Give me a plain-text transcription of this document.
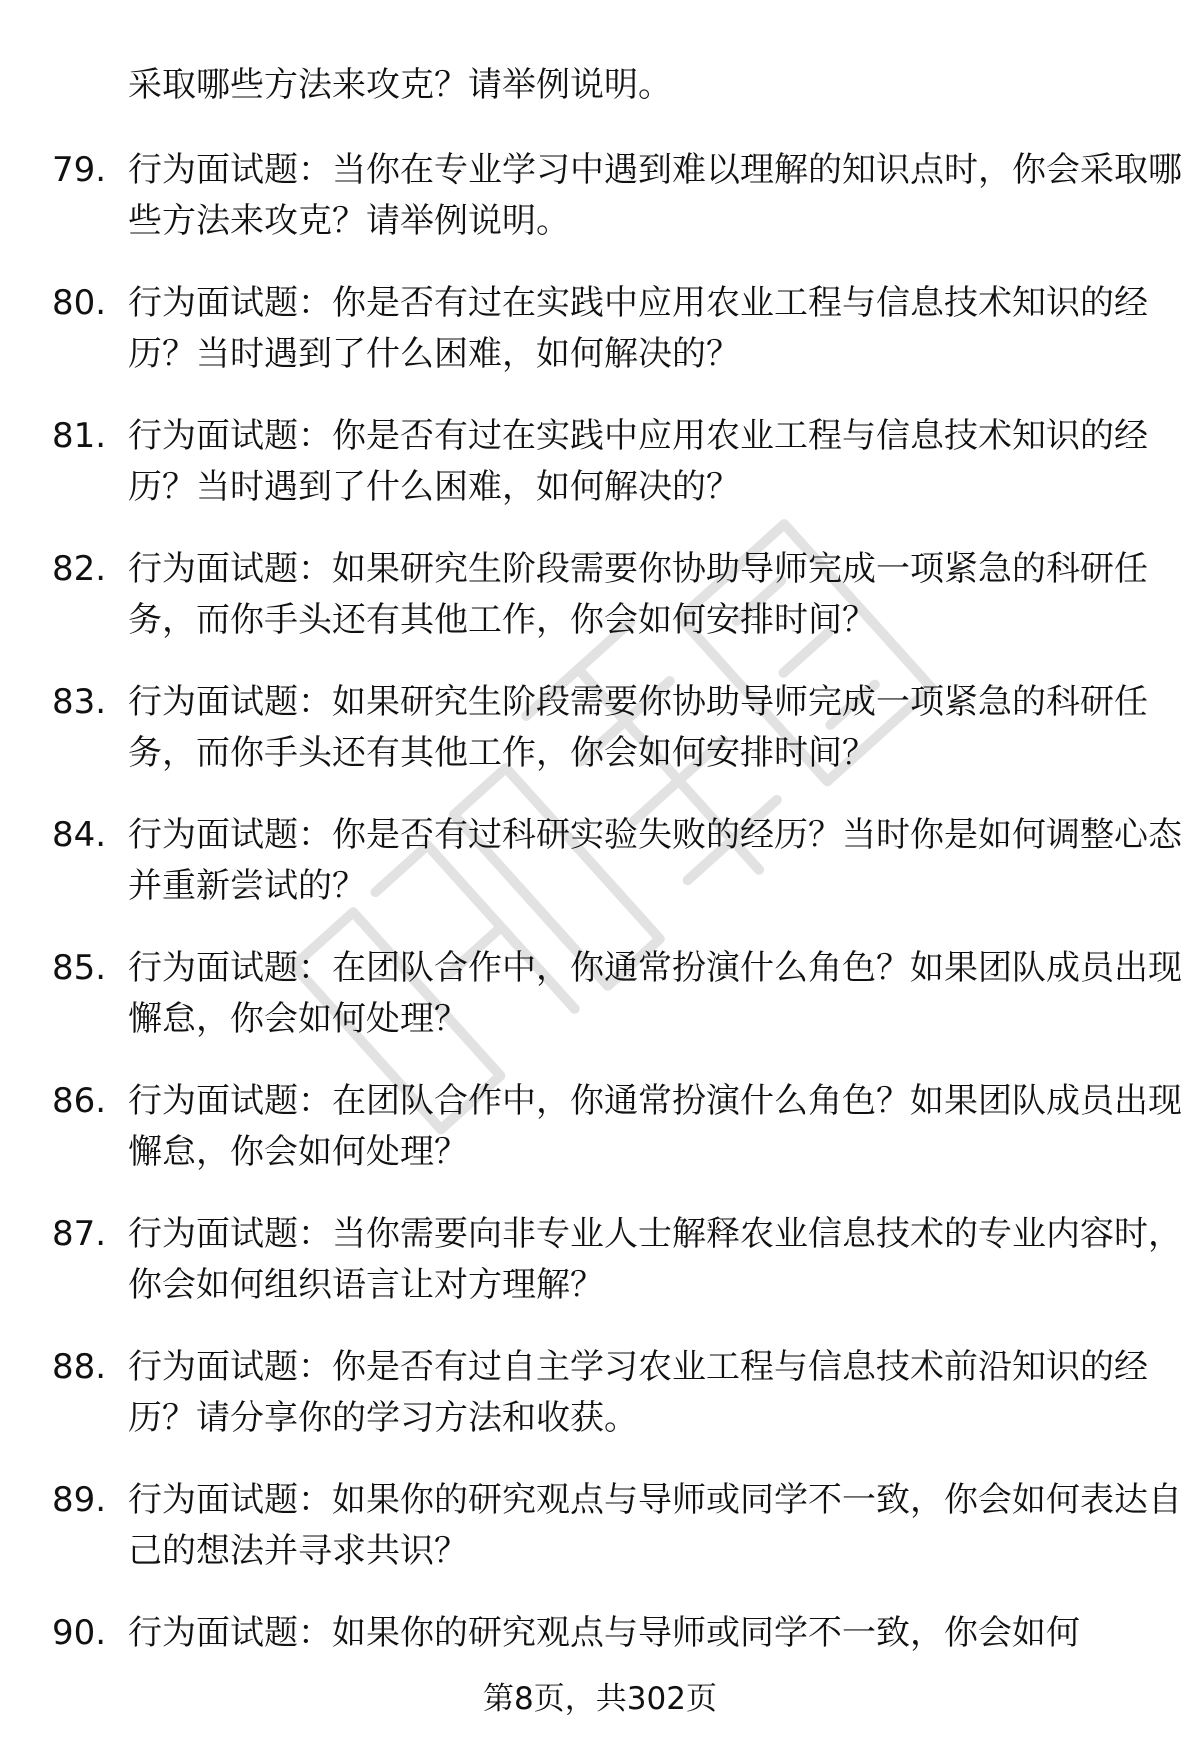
采取哪些方法来攻克？请举例说明。
79. 行为面试题：当你在专业学习中遇到难以理解的知识点时，你会采取哪些方法来攻克？请举例说明。
80. 行为面试题：你是否有过在实践中应用农业工程与信息技术知识的经历？当时遇到了什么困难，如何解决的？
81. 行为面试题：你是否有过在实践中应用农业工程与信息技术知识的经历？当时遇到了什么困难，如何解决的？
82. 行为面试题：如果研究生阶段需要你协助导师完成一项紧急的科研任务，而你手头还有其他工作，你会如何安排时间？
83. 行为面试题：如果研究生阶段需要你协助导师完成一项紧急的科研任务，而你手头还有其他工作，你会如何安排时间？
84. 行为面试题：你是否有过科研实验失败的经历？当时你是如何调整心态并重新尝试的？
85. 行为面试题：在团队合作中，你通常扮演什么角色？如果团队成员出现懈怠，你会如何处理？
86. 行为面试题：在团队合作中，你通常扮演什么角色？如果团队成员出现懈怠，你会如何处理？
87. 行为面试题：当你需要向非专业人士解释农业信息技术的专业内容时，你会如何组织语言让对方理解？
88. 行为面试题：你是否有过自主学习农业工程与信息技术前沿知识的经历？请分享你的学习方法和收获。
89. 行为面试题：如果你的研究观点与导师或同学不一致，你会如何表达自己的想法并寻求共识？
90. 行为面试题：如果你的研究观点与导师或同学不一致，你会如何
第8页，共302页
